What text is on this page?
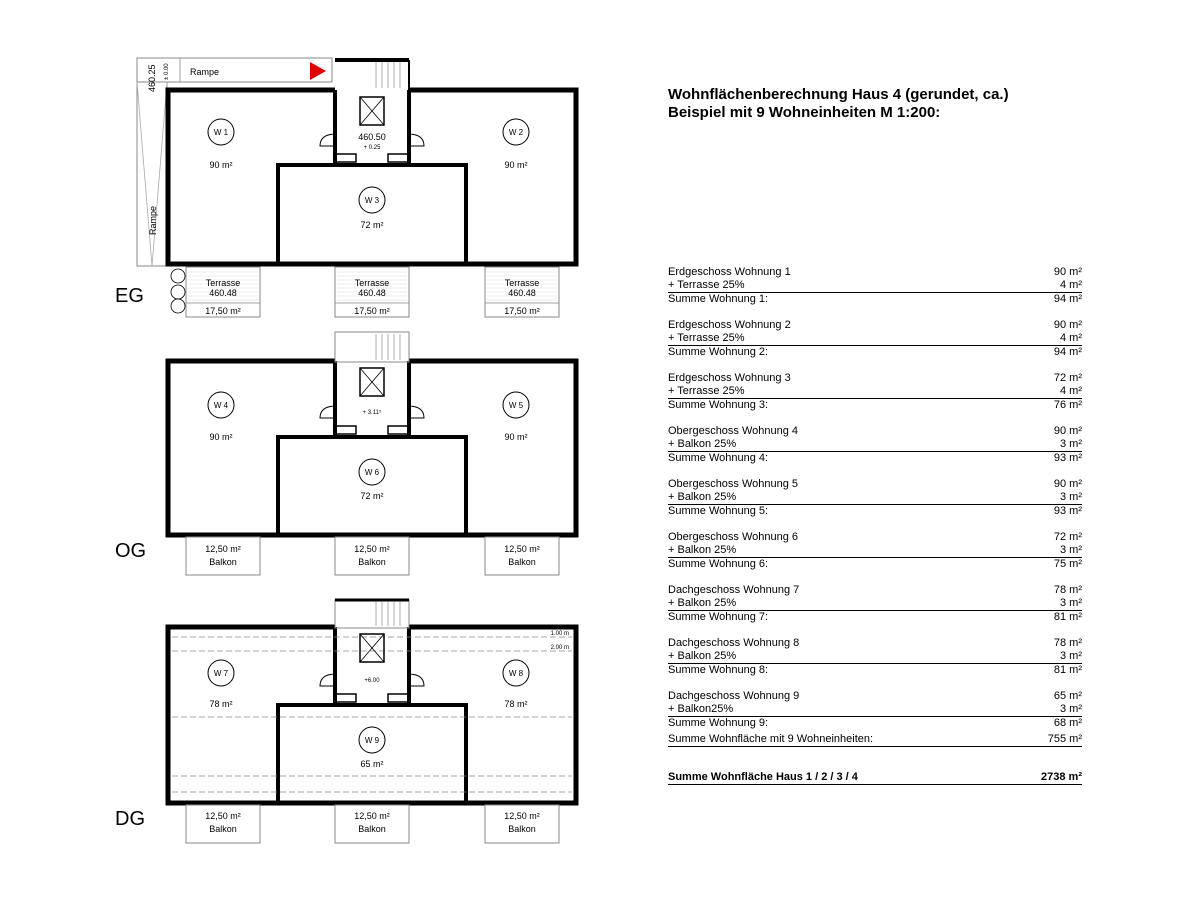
Rampe
Rampe
460.25 ± 0.00
460.50
+ 0.25
W 1
90 m²
W 2
90 m²
W 3
72 m²
Terrasse
460.48
17,50 m²
Terrasse
460.48
17,50 m²
Terrasse
460.48
17,50 m²
EG
+ 3.11⁵
W 4
90 m²
W 5
90 m²
W 6
72 m²
12,50 m²
Balkon
12,50 m²
Balkon
12,50 m²
Balkon
OG
1.00 m
2.00 m
+6.00
W 7
78 m²
W 8
78 m²
W 9
65 m²
12,50 m²
Balkon
12,50 m²
Balkon
12,50 m²
Balkon
DG
Wohnflächenberechnung Haus 4 (gerundet, ca.)
Beispiel mit 9 Wohneinheiten M 1:200:
Erdgeschoss Wohnung 1	90 m²
+ Terrasse 25%	4 m²
Summe Wohnung 1:	94 m²
Erdgeschoss Wohnung 2	90 m²
+ Terrasse 25%	4 m²
Summe Wohnung 2:	94 m²
Erdgeschoss Wohnung 3	72 m²
+ Terrasse 25%	4 m²
Summe Wohnung 3:	76 m²
Obergeschoss Wohnung 4	90 m²
+ Balkon 25%	3 m²
Summe Wohnung 4:	93 m²
Obergeschoss Wohnung 5	90 m²
+ Balkon 25%	3 m²
Summe Wohnung 5:	93 m²
Obergeschoss Wohnung 6	72 m²
+ Balkon 25%	3 m²
Summe Wohnung 6:	75 m²
Dachgeschoss Wohnung 7	78 m²
+ Balkon 25%	3 m²
Summe Wohnung 7:	81 m²
Dachgeschoss Wohnung 8	78 m²
+ Balkon 25%	3 m²
Summe Wohnung 8:	81 m²
Dachgeschoss Wohnung 9	65 m²
+ Balkon25%	3 m²
Summe Wohnung 9:	68 m²
Summe Wohnfläche mit 9 Wohneinheiten:	755 m²
Summe Wohnfläche Haus 1 / 2 / 3 / 4	2738 m²
